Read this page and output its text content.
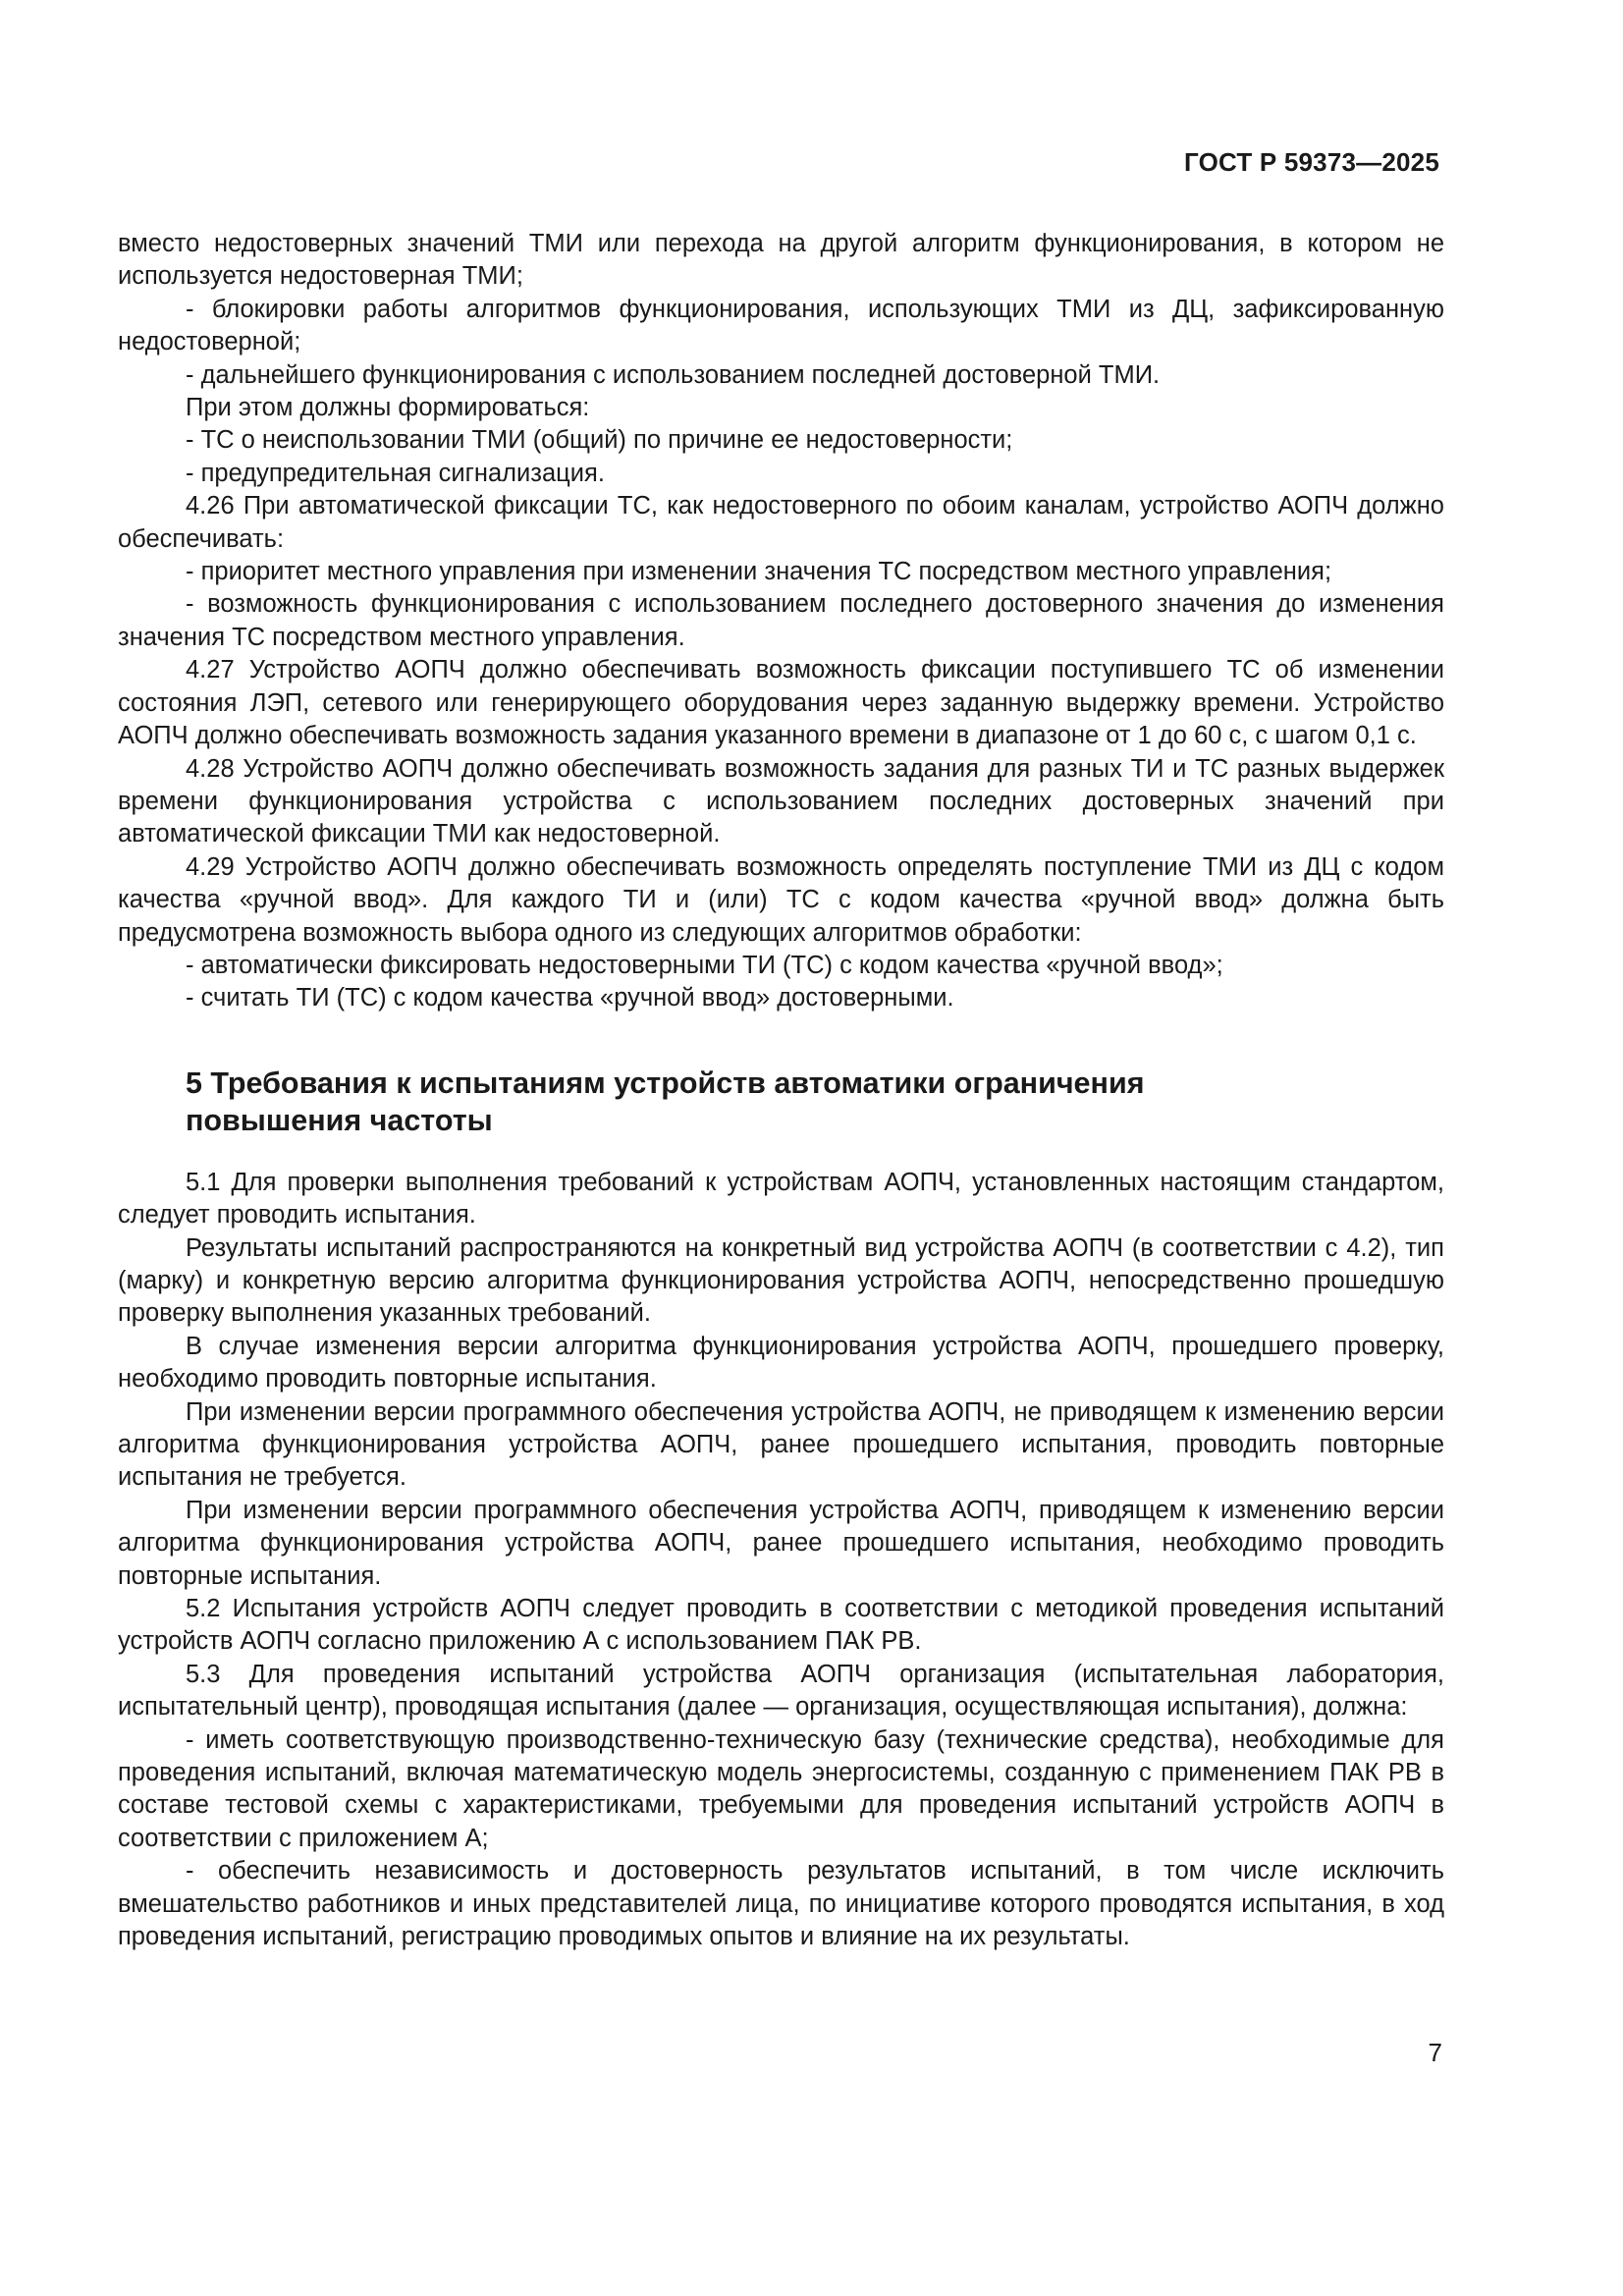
ГОСТ Р 59373—2025

вместо недостоверных значений ТМИ или перехода на другой алгоритм функционирования, в котором не используется недостоверная ТМИ;

- блокировки работы алгоритмов функционирования, использующих ТМИ из ДЦ, зафиксированную недостоверной;

- дальнейшего функционирования с использованием последней достоверной ТМИ.

При этом должны формироваться:

- ТС о неиспользовании ТМИ (общий) по причине ее недостоверности;

- предупредительная сигнализация.

4.26 При автоматической фиксации ТС, как недостоверного по обоим каналам, устройство АОПЧ должно обеспечивать:

- приоритет местного управления при изменении значения ТС посредством местного управления;

- возможность функционирования с использованием последнего достоверного значения до изменения значения ТС посредством местного управления.

4.27 Устройство АОПЧ должно обеспечивать возможность фиксации поступившего ТС об изменении состояния ЛЭП, сетевого или генерирующего оборудования через заданную выдержку времени. Устройство АОПЧ должно обеспечивать возможность задания указанного времени в диапазоне от 1 до 60 с, с шагом 0,1 с.

4.28 Устройство АОПЧ должно обеспечивать возможность задания для разных ТИ и ТС разных выдержек времени функционирования устройства с использованием последних достоверных значений при автоматической фиксации ТМИ как недостоверной.

4.29 Устройство АОПЧ должно обеспечивать возможность определять поступление ТМИ из ДЦ с кодом качества «ручной ввод». Для каждого ТИ и (или) ТС с кодом качества «ручной ввод» должна быть предусмотрена возможность выбора одного из следующих алгоритмов обработки:

- автоматически фиксировать недостоверными ТИ (ТС) с кодом качества «ручной ввод»;

- считать ТИ (ТС) с кодом качества «ручной ввод» достоверными.

5 Требования к испытаниям устройств автоматики ограничения
повышения частоты

5.1 Для проверки выполнения требований к устройствам АОПЧ, установленных настоящим стандартом, следует проводить испытания.

Результаты испытаний распространяются на конкретный вид устройства АОПЧ (в соответствии с 4.2), тип (марку) и конкретную версию алгоритма функционирования устройства АОПЧ, непосредственно прошедшую проверку выполнения указанных требований.

В случае изменения версии алгоритма функционирования устройства АОПЧ, прошедшего проверку, необходимо проводить повторные испытания.

При изменении версии программного обеспечения устройства АОПЧ, не приводящем к изменению версии алгоритма функционирования устройства АОПЧ, ранее прошедшего испытания, проводить повторные испытания не требуется.

При изменении версии программного обеспечения устройства АОПЧ, приводящем к изменению версии алгоритма функционирования устройства АОПЧ, ранее прошедшего испытания, необходимо проводить повторные испытания.

5.2 Испытания устройств АОПЧ следует проводить в соответствии с методикой проведения испытаний устройств АОПЧ согласно приложению А с использованием ПАК РВ.

5.3 Для проведения испытаний устройства АОПЧ организация (испытательная лаборатория, испытательный центр), проводящая испытания (далее — организация, осуществляющая испытания), должна:

- иметь соответствующую производственно-техническую базу (технические средства), необходимые для проведения испытаний, включая математическую модель энергосистемы, созданную с применением ПАК РВ в составе тестовой схемы с характеристиками, требуемыми для проведения испытаний устройств АОПЧ в соответствии с приложением А;

- обеспечить независимость и достоверность результатов испытаний, в том числе исключить вмешательство работников и иных представителей лица, по инициативе которого проводятся испытания, в ход проведения испытаний, регистрацию проводимых опытов и влияние на их результаты.

7
